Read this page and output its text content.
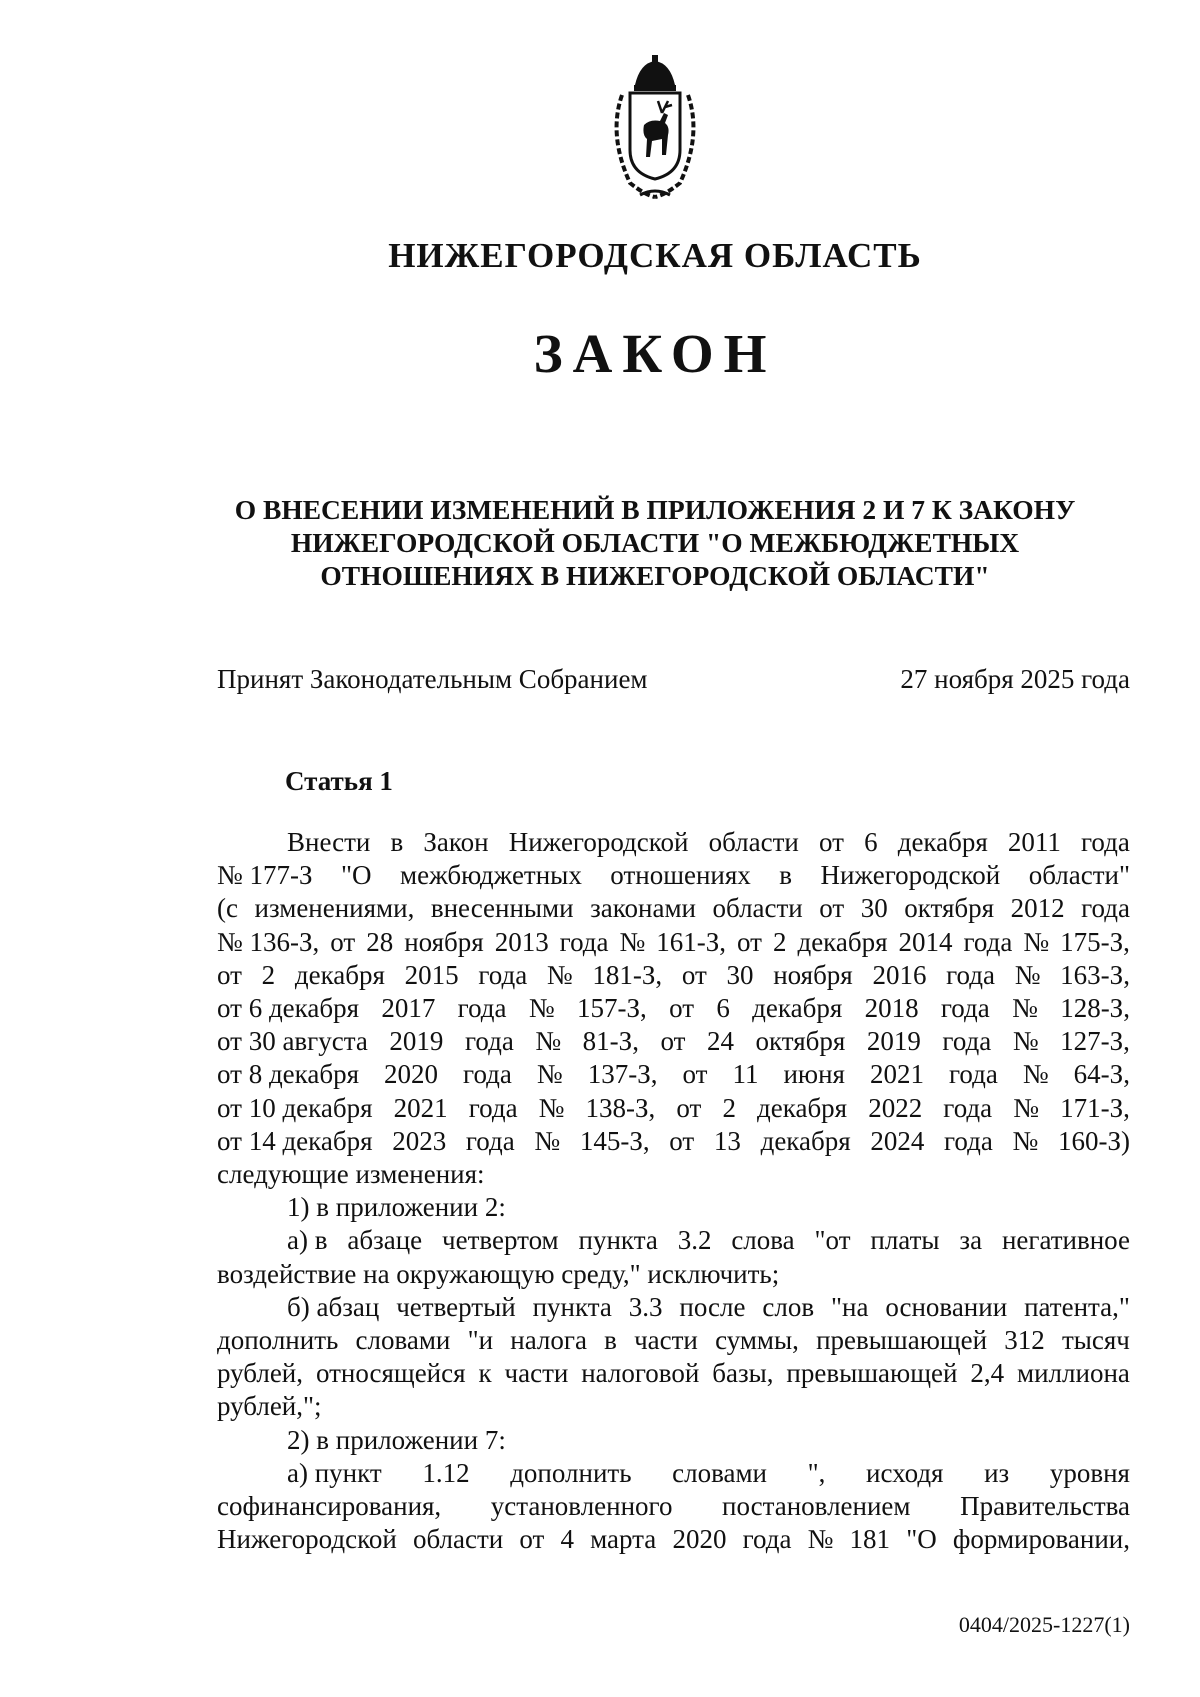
НИЖЕГОРОДСКАЯ ОБЛАСТЬ
ЗАКОН
О ВНЕСЕНИИ ИЗМЕНЕНИЙ В ПРИЛОЖЕНИЯ 2 И 7 К ЗАКОНУ
НИЖЕГОРОДСКОЙ ОБЛАСТИ "О МЕЖБЮДЖЕТНЫХ
ОТНОШЕНИЯХ В НИЖЕГОРОДСКОЙ ОБЛАСТИ"
Принят Законодательным Собранием	27 ноября 2025 года
Статья 1
Внести в Закон Нижегородской области от 6 декабря 2011 года
№ 177-З "О межбюджетных отношениях в Нижегородской области"
(с изменениями, внесенными законами области от 30 октября 2012 года
№ 136-З, от 28 ноября 2013 года № 161-З, от 2 декабря 2014 года № 175-З,
от 2 декабря 2015 года № 181-З, от 30 ноября 2016 года № 163-З,
от 6 декабря 2017 года № 157-З, от 6 декабря 2018 года № 128-З,
от 30 августа 2019 года № 81-З, от 24 октября 2019 года № 127-З,
от 8 декабря 2020 года № 137-З, от 11 июня 2021 года № 64-З,
от 10 декабря 2021 года № 138-З, от 2 декабря 2022 года № 171-З,
от 14 декабря 2023 года № 145-З, от 13 декабря 2024 года № 160-З)
следующие изменения:
1) в приложении 2:
а) в абзаце четвертом пункта 3.2 слова "от платы за негативное
воздействие на окружающую среду," исключить;
б) абзац четвертый пункта 3.3 после слов "на основании патента,"
дополнить словами "и налога в части суммы, превышающей 312 тысяч
рублей, относящейся к части налоговой базы, превышающей 2,4 миллиона
рублей,";
2) в приложении 7:
а) пункт 1.12 дополнить словами ", исходя из уровня
софинансирования, установленного постановлением Правительства
Нижегородской области от 4 марта 2020 года № 181 "О формировании,
0404/2025-1227(1)
